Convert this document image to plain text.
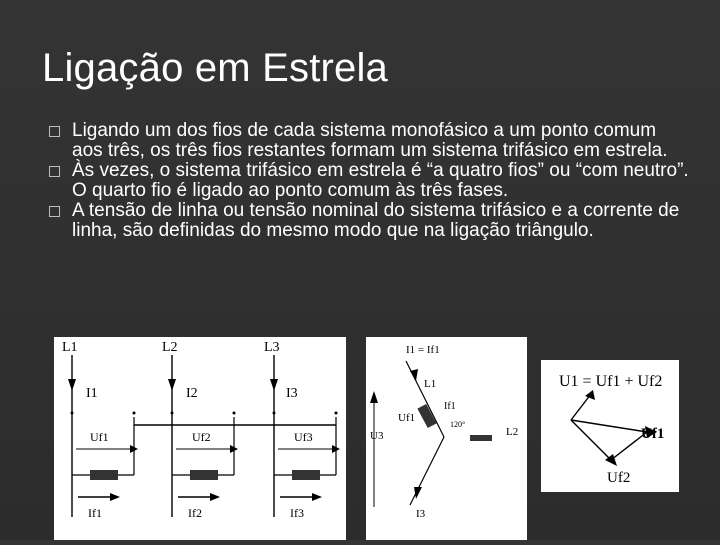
Ligação em Estrela
Ligando um dos fios de cada sistema monofásico a um ponto comum aos três, os três fios restantes formam um sistema trifásico em estrela.
Às vezes, o sistema trifásico em estrela é “a quatro fios” ou “com neutro”. O quarto fio é ligado ao ponto comum às três fases.
A tensão de linha ou tensão nominal do sistema trifásico e a corrente de linha, são definidas do mesmo modo que na ligação triângulo.
L1	L2	L3
I1	I2	I3
Uf1	Uf2	Uf3
If1	If2	If3
I1 = If1
L1
Uf1
If1
120°
U3	L2
I3
U1 = Uf1 + Uf2
Uf1
Uf2
